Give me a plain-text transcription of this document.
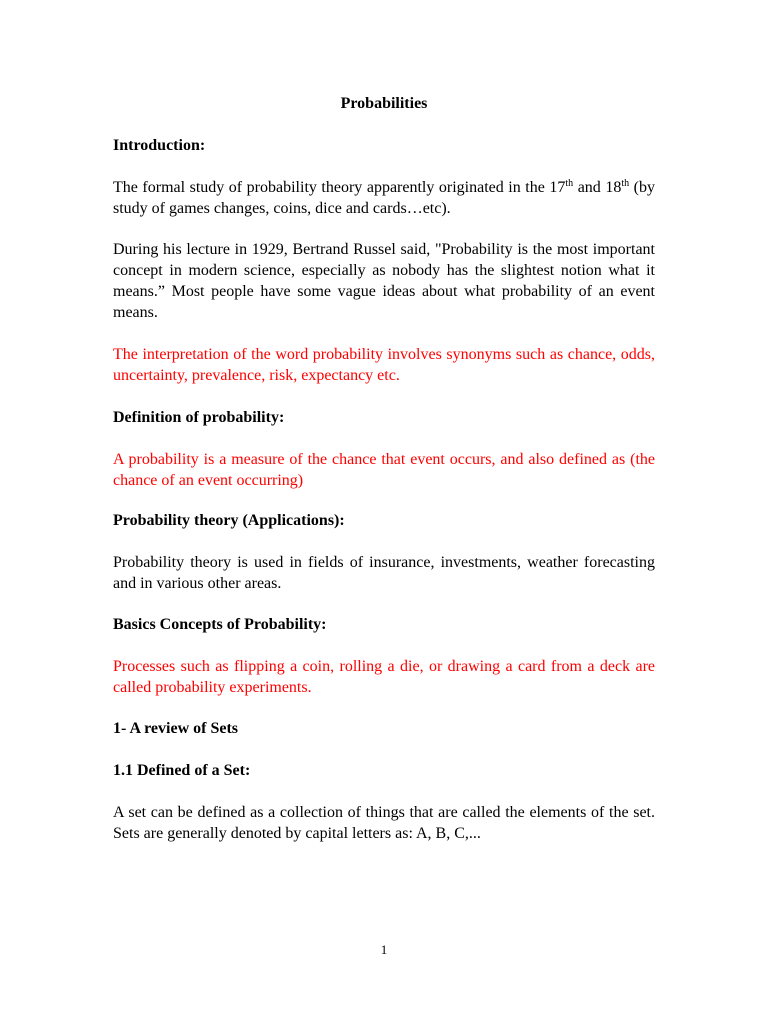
Probabilities
Introduction:
The formal study of probability theory apparently originated in the 17th and 18th (by study of games changes, coins, dice and cards…etc).
During his lecture in 1929, Bertrand Russel said, "Probability is the most important concept in modern science, especially as nobody has the slightest notion what it means.” Most people have some vague ideas about what probability of an event means.
The interpretation of the word probability involves synonyms such as chance, odds, uncertainty, prevalence, risk, expectancy etc.
Definition of probability:
A probability is a measure of the chance that event occurs, and also defined as (the chance of an event occurring)
Probability theory (Applications):
Probability theory is used in fields of insurance, investments, weather forecasting and in various other areas.
Basics Concepts of Probability:
Processes such as flipping a coin, rolling a die, or drawing a card from a deck are called probability experiments.
1- A review of Sets
1.1 Defined of a Set:
A set can be defined as a collection of things that are called the elements of the set. Sets are generally denoted by capital letters as: A, B, C,...
1
